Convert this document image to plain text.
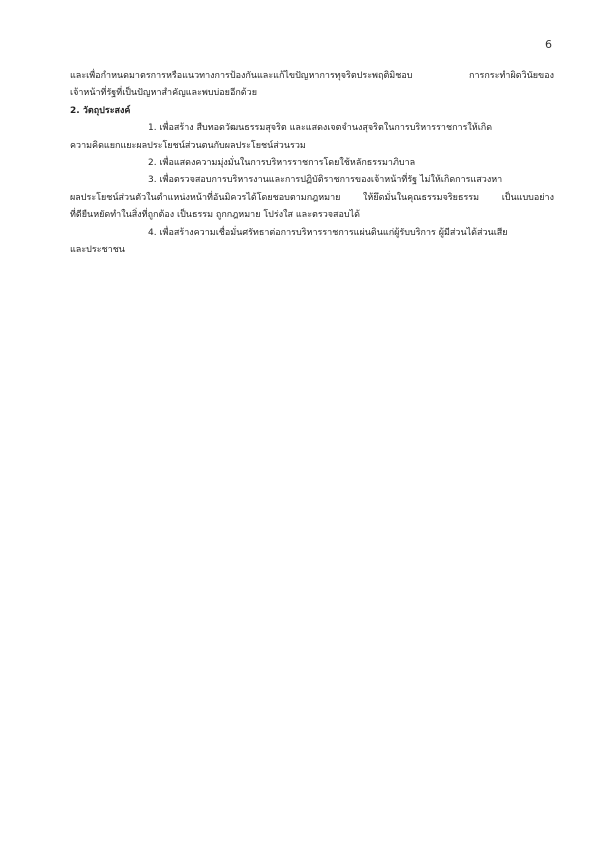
6
และเพื่อกำหนดมาตรการหรือแนวทางการป้องกันและแก้ไขปัญหาการทุจริตประพฤติมิชอบ การกระทำผิดวินัยของ
เจ้าหน้าที่รัฐที่เป็นปัญหาสำคัญและพบบ่อยอีกด้วย
2. วัตถุประสงค์
1. เพื่อสร้าง สืบทอดวัฒนธรรมสุจริต และแสดงเจตจำนงสุจริตในการบริหารราชการให้เกิด
ความคิดแยกแยะผลประโยชน์ส่วนตนกับผลประโยชน์ส่วนรวม
2. เพื่อแสดงความมุ่งมั่นในการบริหารราชการโดยใช้หลักธรรมาภิบาล
3. เพื่อตรวจสอบการบริหารงานและการปฏิบัติราชการของเจ้าหน้าที่รัฐ ไม่ให้เกิดการแสวงหา
ผลประโยชน์ส่วนตัวในตำแหน่งหน้าที่อันมิควรได้โดยชอบตามกฎหมาย ให้ยึดมั่นในคุณธรรมจริยธรรม เป็นแบบอย่าง
ที่ดียืนหยัดทำในสิ่งที่ถูกต้อง เป็นธรรม ถูกกฎหมาย โปร่งใส และตรวจสอบได้
4. เพื่อสร้างความเชื่อมั่นศรัทธาต่อการบริหารราชการแผ่นดินแก่ผู้รับบริการ ผู้มีส่วนได้ส่วนเสีย
และประชาชน
